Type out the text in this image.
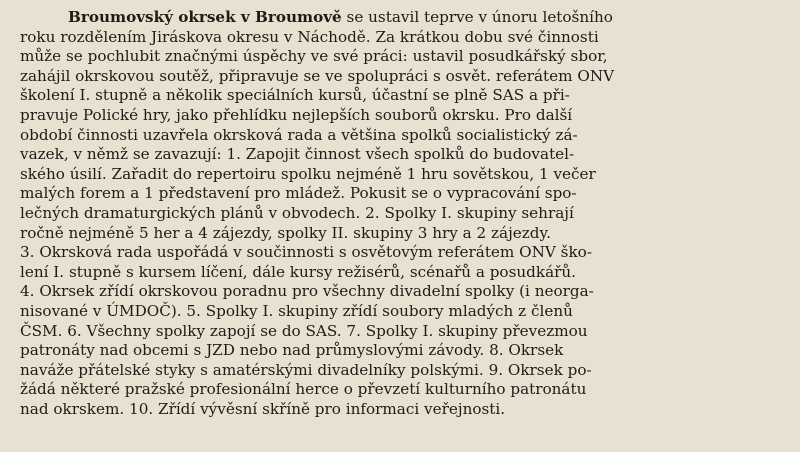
Broumovský okrsek v Broumově se ustavil teprve v únoru letošního
roku rozdělením Jiráskova okresu v Náchodě. Za krátkou dobu své činnosti
může se pochlubit značnými úspěchy ve své práci: ustavil posudkářský sbor,
zahájil okrskovou soutěž, připravuje se ve spolupráci s osvět. referátem ONV
školení I. stupně a několik speciálních kursů, účastní se plně SAS a při-
pravuje Polické hry, jako přehlídku nejlepších souborů okrsku. Pro další
období činnosti uzavřela okrsková rada a většina spolků socialistický zá-
vazek, v němž se zavazují: 1. Zapojit činnost všech spolků do budovatel-
ského úsilí. Zařadit do repertoiru spolku nejméně 1 hru sovětskou, 1 večer
malých forem a 1 představení pro mládež. Pokusit se o vypracování spo-
lečných dramaturgických plánů v obvodech. 2. Spolky I. skupiny sehrají
ročně nejméně 5 her a 4 zájezdy, spolky II. skupiny 3 hry a 2 zájezdy.
3. Okrsková rada uspořádá v součinnosti s osvětovým referátem ONV ško-
lení I. stupně s kursem líčení, dále kursy režisérů, scénařů a posudkářů.
4. Okrsek zřídí okrskovou poradnu pro všechny divadelní spolky (i neorga-
nisované v ÚMDOČ). 5. Spolky I. skupiny zřídí soubory mladých z členů
ČSM. 6. Všechny spolky zapojí se do SAS. 7. Spolky I. skupiny převezmou
patronáty nad obcemi s JZD nebo nad průmyslovými závody. 8. Okrsek
naváže přátelské styky s amatérskými divadelníky polskými. 9. Okrsek po-
žádá některé pražské profesionální herce o převzetí kulturního patronátu
nad okrskem. 10. Zřídí vývěsní skříně pro informaci veřejnosti.
